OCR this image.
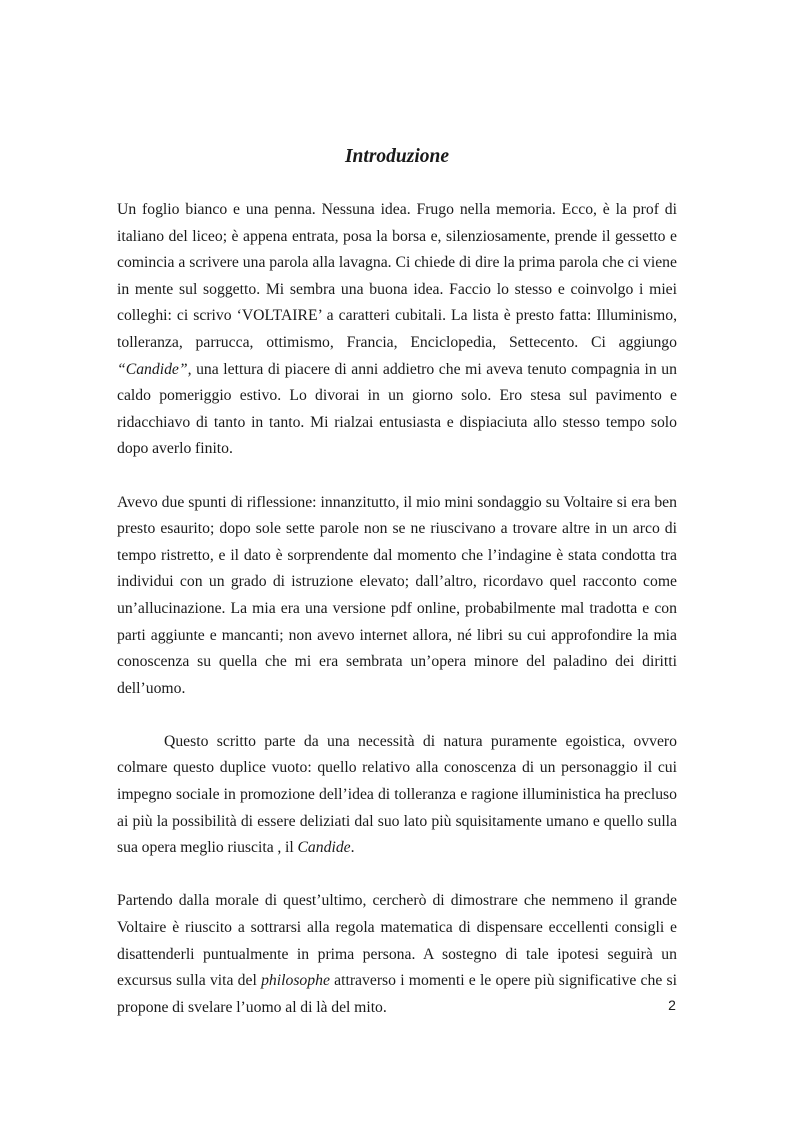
Introduzione

Un foglio bianco e una penna. Nessuna idea. Frugo nella memoria. Ecco, è la prof di italiano del liceo; è appena entrata, posa la borsa e, silenziosamente, prende il gessetto e comincia a scrivere una parola alla lavagna. Ci chiede di dire la prima parola che ci viene in mente sul soggetto. Mi sembra una buona idea. Faccio lo stesso e coinvolgo i miei colleghi: ci scrivo ‘VOLTAIRE’ a caratteri cubitali. La lista è presto fatta: Illuminismo, tolleranza, parrucca, ottimismo, Francia, Enciclopedia, Settecento. Ci aggiungo “Candide”, una lettura di piacere di anni addietro che mi aveva tenuto compagnia in un caldo pomeriggio estivo. Lo divorai in un giorno solo. Ero stesa sul pavimento e ridacchiavo di tanto in tanto. Mi rialzai entusiasta e dispiaciuta allo stesso tempo solo dopo averlo finito.

Avevo due spunti di riflessione: innanzitutto, il mio mini sondaggio su Voltaire si era ben presto esaurito; dopo sole sette parole non se ne riuscivano a trovare altre in un arco di tempo ristretto, e il dato è sorprendente dal momento che l’indagine è stata condotta tra individui con un grado di istruzione elevato; dall’altro, ricordavo quel racconto come un’allucinazione. La mia era una versione pdf online, probabilmente mal tradotta e con parti aggiunte e mancanti; non avevo internet allora, né libri su cui approfondire la mia conoscenza su quella che mi era sembrata un’opera minore del paladino dei diritti dell’uomo.

Questo scritto parte da una necessità di natura puramente egoistica, ovvero colmare questo duplice vuoto: quello relativo alla conoscenza di un personaggio il cui impegno sociale in promozione dell’idea di tolleranza e ragione illuministica ha precluso ai più la possibilità di essere deliziati dal suo lato più squisitamente umano e quello sulla sua opera meglio riuscita , il Candide.

Partendo dalla morale di quest’ultimo, cercherò di dimostrare che nemmeno il grande Voltaire è riuscito a sottrarsi alla regola matematica di dispensare eccellenti consigli e disattenderli puntualmente in prima persona. A sostegno di tale ipotesi seguirà un excursus sulla vita del philosophe attraverso i momenti e le opere più significative che si propone di svelare l’uomo al di là del mito.	2
